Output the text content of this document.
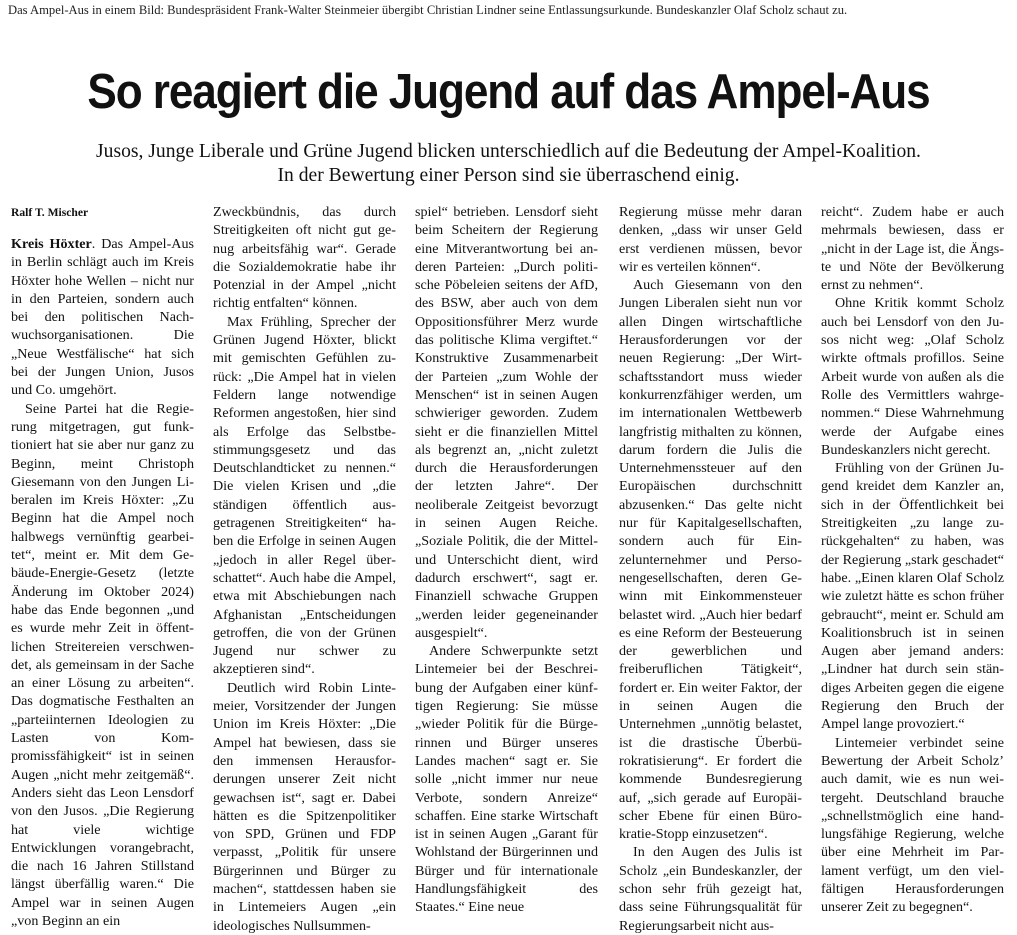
Das Ampel-Aus in einem Bild: Bundespräsident Frank-Walter Steinmeier übergibt Christian Lindner seine Entlassungsurkunde. Bundeskanzler Olaf Scholz schaut zu.
So reagiert die Jugend auf das Ampel-Aus
Jusos, Junge Liberale und Grüne Jugend blicken unterschiedlich auf die Bedeutung der Ampel-Koalition.
In der Bewertung einer Person sind sie überraschend einig.
Ralf T. Mischer

Kreis Höxter. Das Ampel-Aus in Berlin schlägt auch im Kreis Höxter hohe Wellen – nicht nur in den Parteien, sondern auch bei den politischen Nachwuchsorganisationen. Die „Neue Westfälische“ hat sich bei der Jungen Union, Jusos und Co. umgehört.

Seine Partei hat die Regierung mitgetragen, gut funktioniert hat sie aber nur ganz zu Beginn, meint Christoph Giesemann von den Jungen Liberalen im Kreis Höxter: „Zu Beginn hat die Ampel noch halbwegs vernünftig gearbeitet“, meint er. Mit dem Gebäude-Energie-Gesetz (letzte Änderung im Oktober 2024) habe das Ende begonnen „und es wurde mehr Zeit in öffentlichen Streitereien verschwendet, als gemeinsam in der Sache an einer Lösung zu arbeiten“. Das dogmatische Festhalten an „parteiinternen Ideologien zu Lasten von Kompromissfähigkeit“ ist in seinen Augen „nicht mehr zeitgemäß“. Anders sieht das Leon Lensdorf von den Jusos. „Die Regierung hat viele wichtige Entwicklungen vorangebracht, die nach 16 Jahren Stillstand längst überfällig waren.“ Die Ampel war in seinen Augen „von Beginn an ein

Zweckbündnis, das durch Streitigkeiten oft nicht gut genug arbeitsfähig war“. Gerade die Sozialdemokratie habe ihr Potenzial in der Ampel „nicht richtig entfalten“ können.

Max Frühling, Sprecher der Grünen Jugend Höxter, blickt mit gemischten Gefühlen zurück: „Die Ampel hat in vielen Feldern lange notwendige Reformen angestoßen, hier sind als Erfolge das Selbstbestimmungsgesetz und das Deutschlandticket zu nennen.“ Die vielen Krisen und „die ständigen öffentlich ausgetragenen Streitigkeiten“ haben die Erfolge in seinen Augen „jedoch in aller Regel überschattet“. Auch habe die Ampel, etwa mit Abschiebungen nach Afghanistan „Entscheidungen getroffen, die von der Grünen Jugend nur schwer zu akzeptieren sind“.

Deutlich wird Robin Lintemeier, Vorsitzender der Jungen Union im Kreis Höxter: „Die Ampel hat bewiesen, dass sie den immensen Herausforderungen unserer Zeit nicht gewachsen ist“, sagt er. Dabei hätten es die Spitzenpolitiker von SPD, Grünen und FDP verpasst, „Politik für unsere Bürgerinnen und Bürger zu machen“, stattdessen haben sie in Lintemeiers Augen „ein ideologisches Nullsummen-

spiel“ betrieben. Lensdorf sieht beim Scheitern der Regierung eine Mitverantwortung bei anderen Parteien: „Durch politische Pöbeleien seitens der AfD, des BSW, aber auch von dem Oppositionsführer Merz wurde das politische Klima vergiftet.“ Konstruktive Zusammenarbeit der Parteien „zum Wohle der Menschen“ ist in seinen Augen schwieriger geworden. Zudem sieht er die finanziellen Mittel als begrenzt an, „nicht zuletzt durch die Herausforderungen der letzten Jahre“. Der neoliberale Zeitgeist bevorzugt in seinen Augen Reiche. „Soziale Politik, die der Mittel- und Unterschicht dient, wird dadurch erschwert“, sagt er. Finanziell schwache Gruppen „werden leider gegeneinander ausgespielt“.

Andere Schwerpunkte setzt Lintemeier bei der Beschreibung der Aufgaben einer künftigen Regierung: Sie müsse „wieder Politik für die Bürgerinnen und Bürger unseres Landes machen“ sagt er. Sie solle „nicht immer nur neue Verbote, sondern Anreize“ schaffen. Eine starke Wirtschaft ist in seinen Augen „Garant für Wohlstand der Bürgerinnen und Bürger und für internationale Handlungsfähigkeit des Staates.“ Eine neue

Regierung müsse mehr daran denken, „dass wir unser Geld erst verdienen müssen, bevor wir es verteilen können“.

Auch Giesemann von den Jungen Liberalen sieht nun vor allen Dingen wirtschaftliche Herausforderungen vor der neuen Regierung: „Der Wirtschaftsstandort muss wieder konkurrenzfähiger werden, um im internationalen Wettbewerb langfristig mithalten zu können, darum fordern die Julis die Unternehmenssteuer auf den Europäischen durchschnitt abzusenken.“ Das gelte nicht nur für Kapitalgesellschaften, sondern auch für Einzelunternehmer und Personengesellschaften, deren Gewinn mit Einkommensteuer belastet wird. „Auch hier bedarf es eine Reform der Besteuerung der gewerblichen und freiberuflichen Tätigkeit“, fordert er. Ein weiter Faktor, der in seinen Augen die Unternehmen „unnötig belastet, ist die drastische Überbürokratisierung“. Er fordert die kommende Bundesregierung auf, „sich gerade auf Europäischer Ebene für einen Bürokratie-Stopp einzusetzen“.

In den Augen des Julis ist Scholz „ein Bundeskanzler, der schon sehr früh gezeigt hat, dass seine Führungsqualität für Regierungsarbeit nicht aus-

reicht“. Zudem habe er auch mehrmals bewiesen, dass er „nicht in der Lage ist, die Ängste und Nöte der Bevölkerung ernst zu nehmen“.

Ohne Kritik kommt Scholz auch bei Lensdorf von den Jusos nicht weg: „Olaf Scholz wirkte oftmals profillos. Seine Arbeit wurde von außen als die Rolle des Vermittlers wahrgenommen.“ Diese Wahrnehmung werde der Aufgabe eines Bundeskanzlers nicht gerecht.

Frühling von der Grünen Jugend kreidet dem Kanzler an, sich in der Öffentlichkeit bei Streitigkeiten „zu lange zurückgehalten“ zu haben, was der Regierung „stark geschadet“ habe. „Einen klaren Olaf Scholz wie zuletzt hätte es schon früher gebraucht“, meint er. Schuld am Koalitionsbruch ist in seinen Augen aber jemand anders: „Lindner hat durch sein ständiges Arbeiten gegen die eigene Regierung den Bruch der Ampel lange provoziert.“

Lintemeier verbindet seine Bewertung der Arbeit Scholz’ auch damit, wie es nun weitergeht. Deutschland brauche „schnellstmöglich eine handlungsfähige Regierung, welche über eine Mehrheit im Parlament verfügt, um den vielfältigen Herausforderungen unserer Zeit zu begegnen“.
